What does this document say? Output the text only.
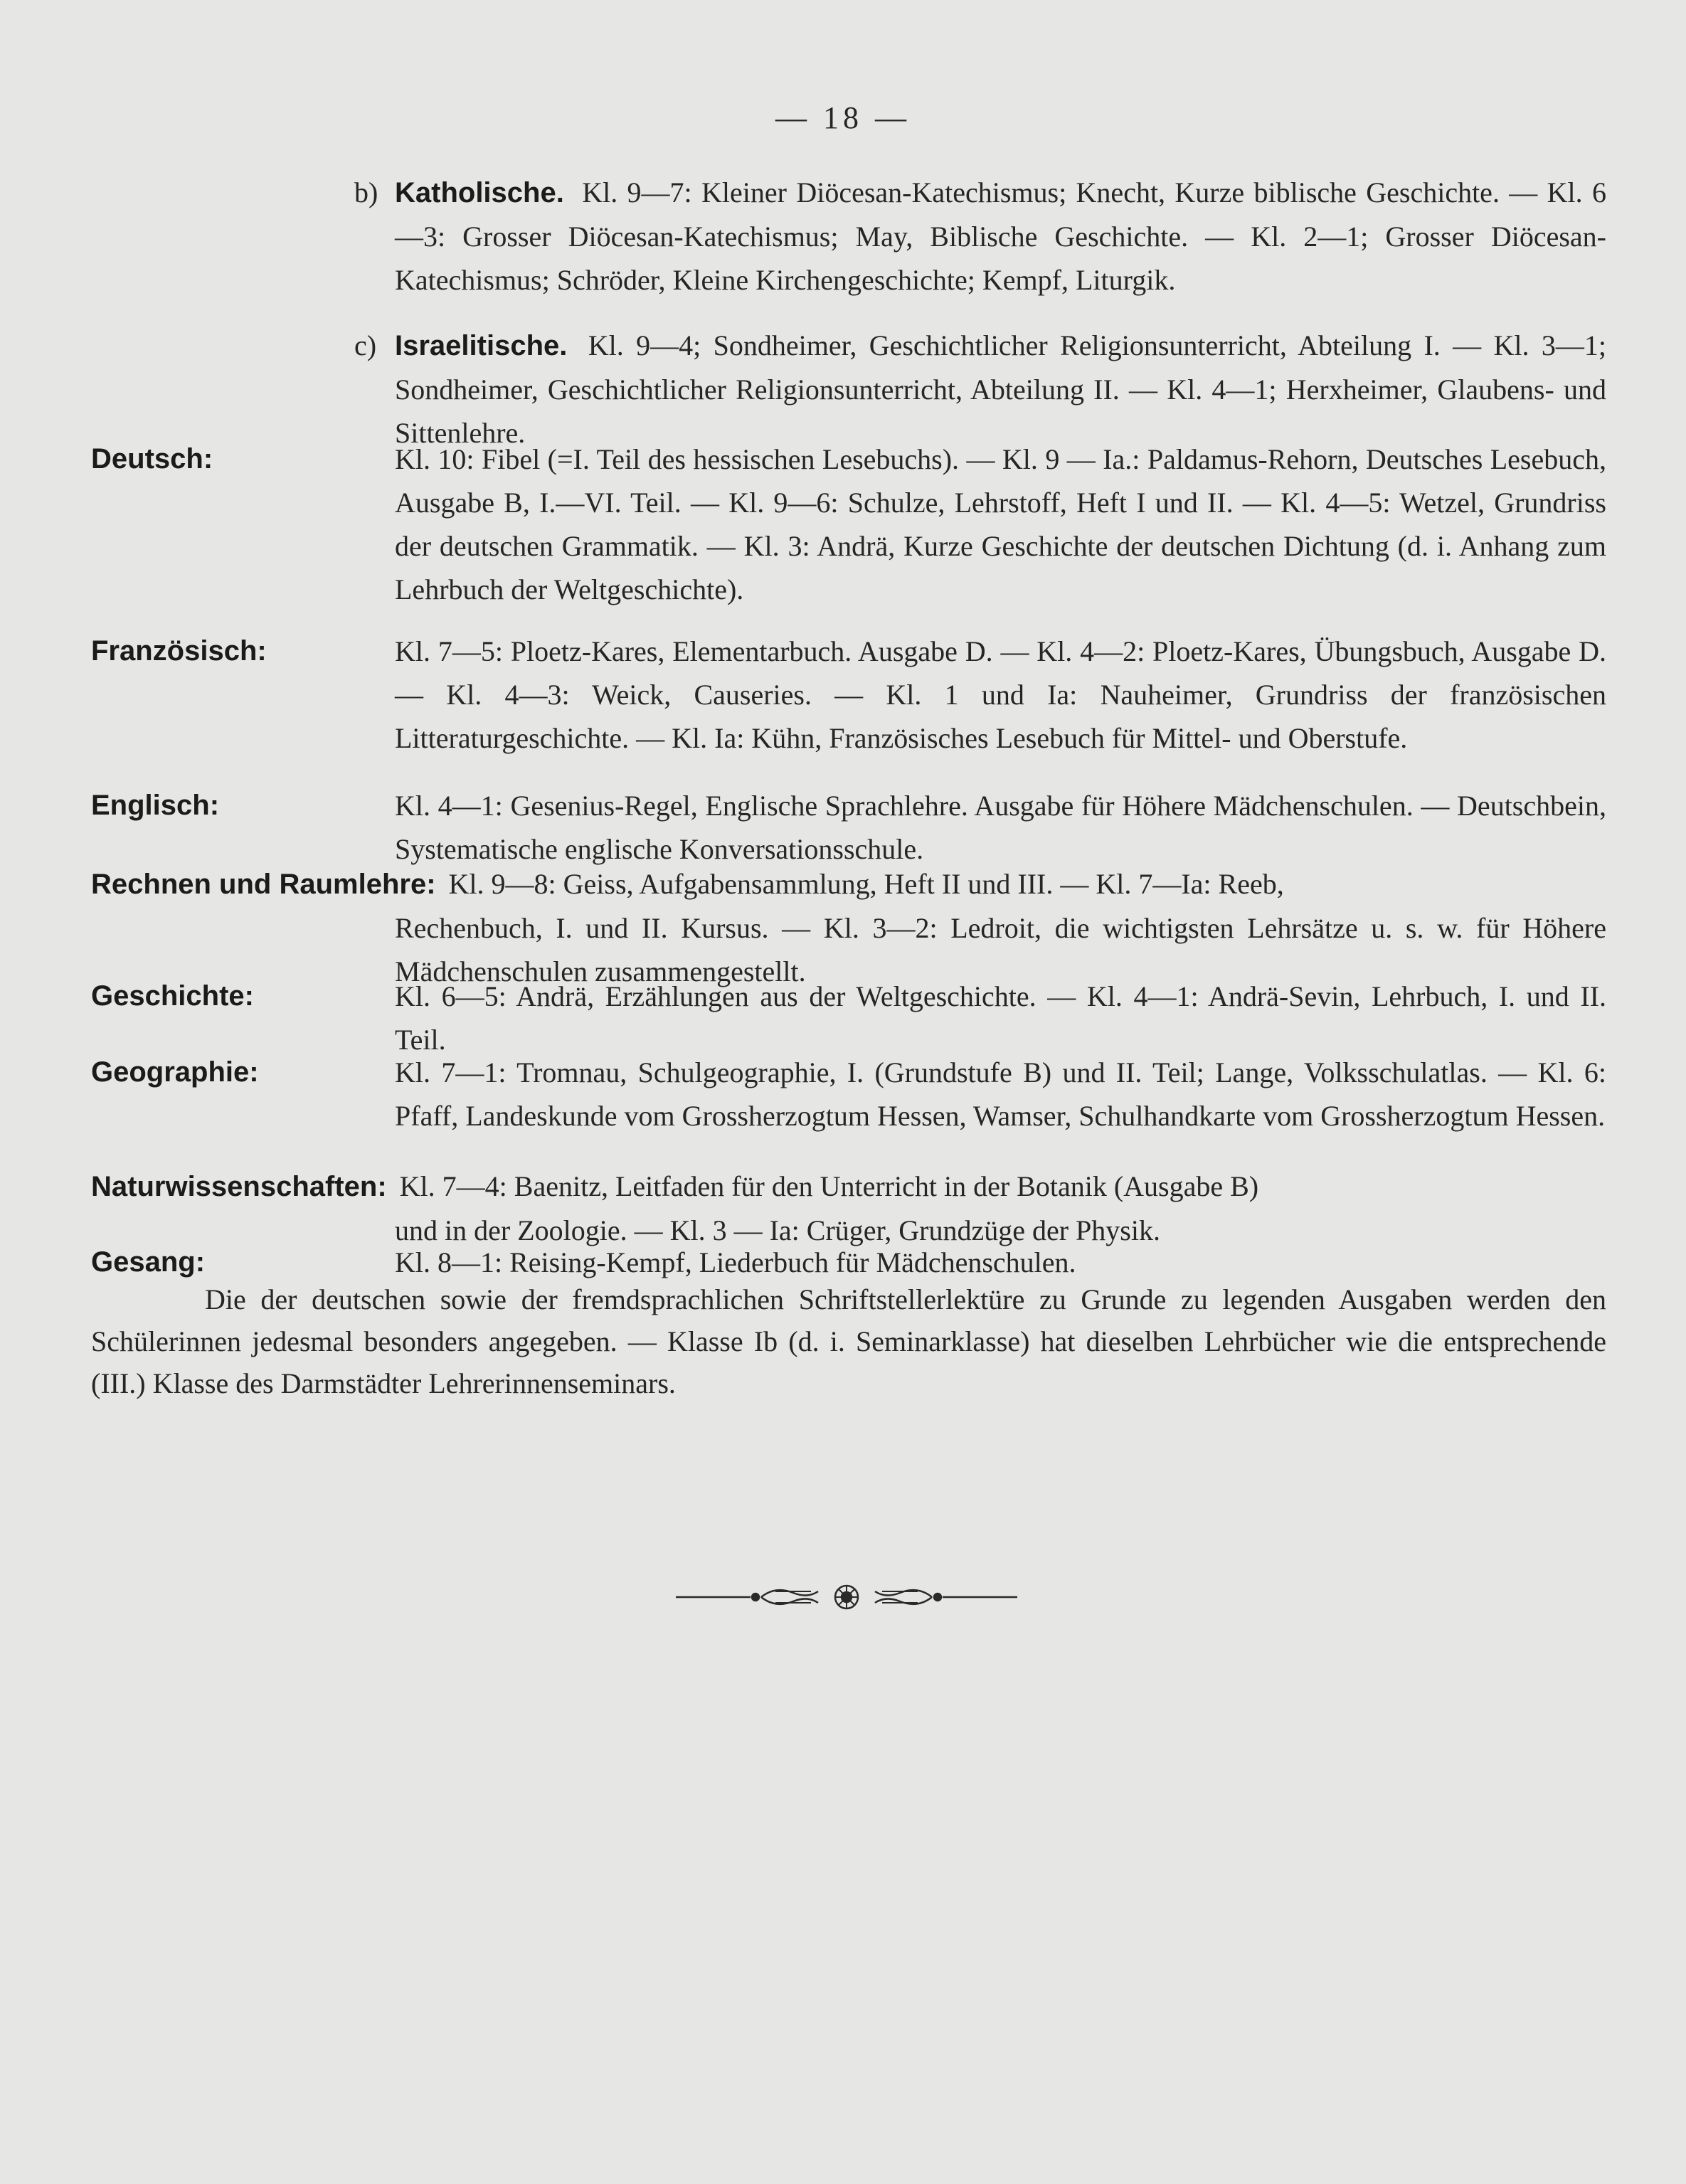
— 18 —
b) Katholische. Kl. 9—7: Kleiner Diöcesan-Katechismus; Knecht, Kurze biblische Geschichte. — Kl. 6—3: Grosser Diöcesan-Katechismus; May, Biblische Geschichte. — Kl. 2—1; Grosser Diöcesan-Katechismus; Schröder, Kleine Kirchengeschichte; Kempf, Liturgik.
c) Israelitische. Kl. 9—4; Sondheimer, Geschichtlicher Religionsunterricht, Abteilung I. — Kl. 3—1; Sondheimer, Geschichtlicher Religionsunterricht, Abteilung II. — Kl. 4—1; Herxheimer, Glaubens- und Sittenlehre.
Deutsch:	Kl. 10: Fibel (=I. Teil des hessischen Lesebuchs). — Kl. 9 — Ia.: Paldamus-Rehorn, Deutsches Lesebuch, Ausgabe B, I.—VI. Teil. — Kl. 9—6: Schulze, Lehrstoff, Heft I und II. — Kl. 4—5: Wetzel, Grundriss der deutschen Grammatik. — Kl. 3: Andrä, Kurze Geschichte der deutschen Dichtung (d. i. Anhang zum Lehrbuch der Weltgeschichte).
Französisch:	Kl. 7—5: Ploetz-Kares, Elementarbuch. Ausgabe D. — Kl. 4—2: Ploetz-Kares, Übungsbuch, Ausgabe D. — Kl. 4—3: Weick, Causeries. — Kl. 1 und Ia: Nauheimer, Grundriss der französischen Litteraturgeschichte. — Kl. Ia: Kühn, Französisches Lesebuch für Mittel- und Oberstufe.
Englisch:	Kl. 4—1: Gesenius-Regel, Englische Sprachlehre. Ausgabe für Höhere Mädchenschulen. — Deutschbein, Systematische englische Konversationsschule.
Rechnen und Raumlehre: Kl. 9—8: Geiss, Aufgabensammlung, Heft II und III. — Kl. 7—Ia: Reeb,
Rechenbuch, I. und II. Kursus. — Kl. 3—2: Ledroit, die wichtigsten Lehrsätze u. s. w. für Höhere Mädchenschulen zusammengestellt.
Geschichte:	Kl. 6—5: Andrä, Erzählungen aus der Weltgeschichte. — Kl. 4—1: Andrä-Sevin, Lehrbuch, I. und II. Teil.
Geographie:	Kl. 7—1: Tromnau, Schulgeographie, I. (Grundstufe B) und II. Teil; Lange, Volksschulatlas. — Kl. 6: Pfaff, Landeskunde vom Grossherzogtum Hessen, Wamser, Schulhandkarte vom Grossherzogtum Hessen.
Naturwissenschaften: Kl. 7—4: Baenitz, Leitfaden für den Unterricht in der Botanik (Ausgabe B)
und in der Zoologie. — Kl. 3 — Ia: Crüger, Grundzüge der Physik.
Gesang:	Kl. 8—1: Reising-Kempf, Liederbuch für Mädchenschulen.
Die der deutschen sowie der fremdsprachlichen Schriftstellerlektüre zu Grunde zu legenden Ausgaben werden den Schülerinnen jedesmal besonders angegeben. — Klasse Ib (d. i. Seminarklasse) hat dieselben Lehrbücher wie die entsprechende (III.) Klasse des Darmstädter Lehrerinnenseminars.
